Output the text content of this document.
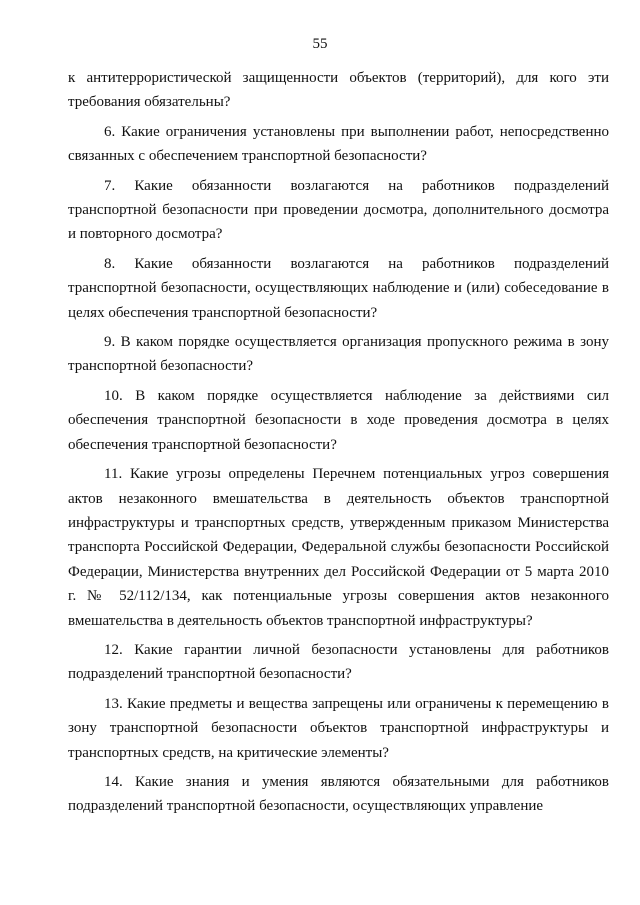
55

к антитеррористической защищенности объектов (территорий), для кого эти требования обязательны?

6. Какие ограничения установлены при выполнении работ, непосредственно связанных с обеспечением транспортной безопасности?

7. Какие обязанности возлагаются на работников подразделений транспортной безопасности при проведении досмотра, дополнительного досмотра и повторного досмотра?

8. Какие обязанности возлагаются на работников подразделений транспортной безопасности, осуществляющих наблюдение и (или) собеседование в целях обеспечения транспортной безопасности?

9. В каком порядке осуществляется организация пропускного режима в зону транспортной безопасности?

10. В каком порядке осуществляется наблюдение за действиями сил обеспечения транспортной безопасности в ходе проведения досмотра в целях обеспечения транспортной безопасности?

11. Какие угрозы определены Перечнем потенциальных угроз совершения актов незаконного вмешательства в деятельность объектов транспортной инфраструктуры и транспортных средств, утвержденным приказом Министерства транспорта Российской Федерации, Федеральной службы безопасности Российской Федерации, Министерства внутренних дел Российской Федерации от 5 марта 2010 г. № 52/112/134, как потенциальные угрозы совершения актов незаконного вмешательства в деятельность объектов транспортной инфраструктуры?

12. Какие гарантии личной безопасности установлены для работников подразделений транспортной безопасности?

13. Какие предметы и вещества запрещены или ограничены к перемещению в зону транспортной безопасности объектов транспортной инфраструктуры и транспортных средств, на критические элементы?

14. Какие знания и умения являются обязательными для работников подразделений транспортной безопасности, осуществляющих управление
